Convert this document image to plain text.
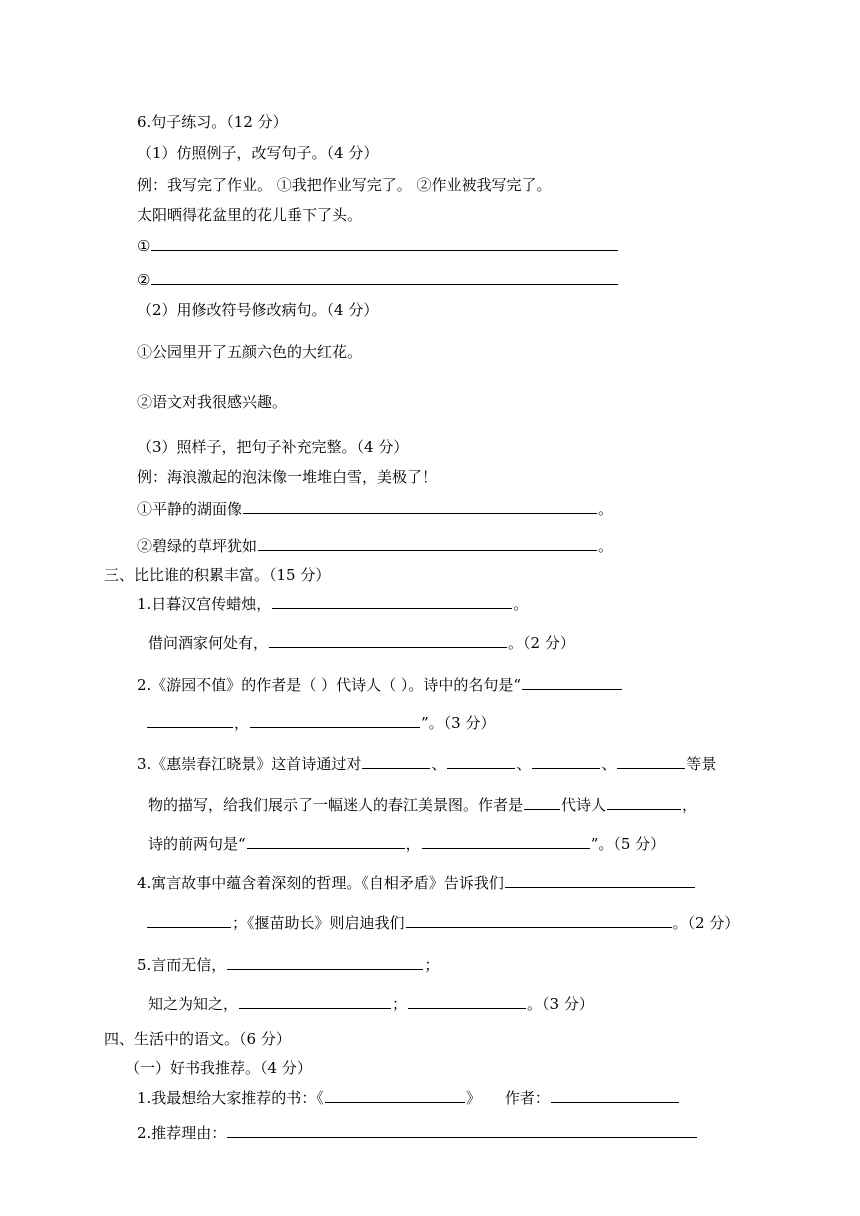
6.句子练习。（12 分）
（1）仿照例子，改写句子。（4 分）
例：我写完了作业。 ①我把作业写完了。 ②作业被我写完了。
太阳晒得花盆里的花儿垂下了头。
①
②
（2）用修改符号修改病句。（4 分）
①公园里开了五颜六色的大红花。
②语文对我很感兴趣。
（3）照样子，把句子补充完整。（4 分）
例：海浪激起的泡沫像一堆堆白雪，美极了！
①平静的湖面像	。
②碧绿的草坪犹如	。
三、比比谁的积累丰富。（15 分）
1.日暮汉宫传蜡烛，	。
借问酒家何处有，	。（2 分）
2.《游园不值》的作者是（ ）代诗人（ ）。诗中的名句是“
，	”。（3 分）
3.《惠崇春江晓景》这首诗通过对	、	、	、	等景
物的描写，给我们展示了一幅迷人的春江美景图。作者是	代诗人	，
诗的前两句是“	，	”。（5 分）
4.寓言故事中蕴含着深刻的哲理。《自相矛盾》告诉我们
；《揠苗助长》则启迪我们	。（2 分）
5.言而无信，	；
知之为知之，	；	。（3 分）
四、生活中的语文。（6 分）
（一）好书我推荐。（4 分）
1.我最想给大家推荐的书：《	》 作者：
2.推荐理由：
